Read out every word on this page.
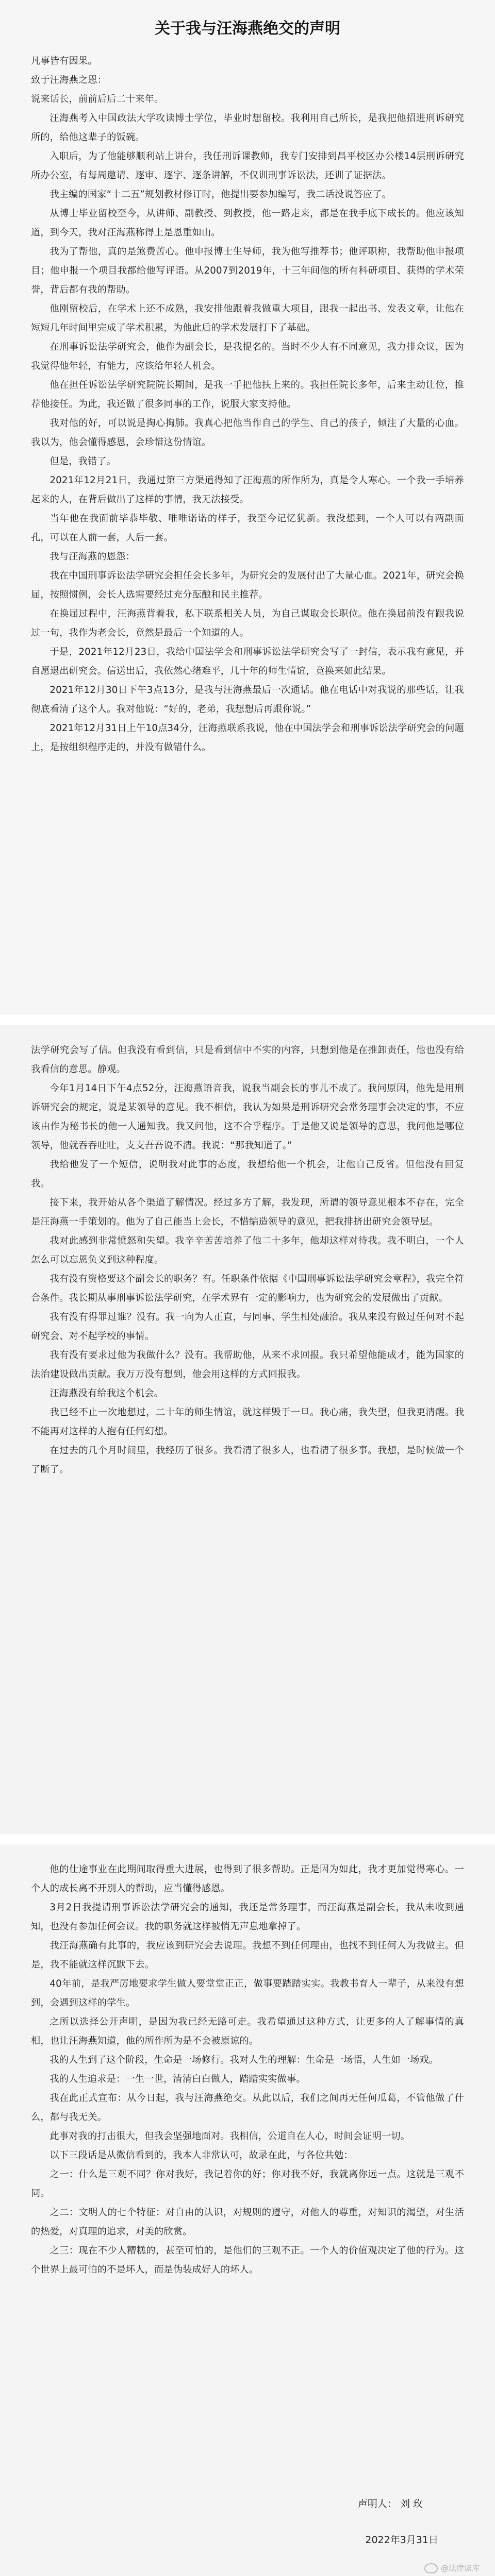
关于我与汪海燕绝交的声明

凡事皆有因果。

致于汪海燕之恩：

说来话长，前前后后二十来年。

汪海燕考入中国政法大学攻读博士学位，毕业时想留校。我利用自己所长，是我把他招进刑诉研究所的，给他这辈子的饭碗。

入职后，为了他能够顺利站上讲台，我任刑诉课教师，我专门安排到昌平校区办公楼14层刑诉研究所办公室，有每周邀请、逐审、逐字、逐条讲解，不仅训刑事诉讼法，还训了证据法。

我主编的国家“十二五”规划教材修订时，他提出要参加编写，我二话没说答应了。

从博士毕业留校至今，从讲师、副教授、到教授，他一路走来，都是在我手底下成长的。他应该知道，到今天，我对汪海燕称得上是恩重如山。

我为了帮他，真的是煞费苦心。他申报博士生导师，我为他写推荐书；他评职称，我帮助他申报项目；他申报一个项目我都给他写评语。从2007到2019年，十三年间他的所有科研项目、获得的学术荣誉，背后都有我的帮助。

他刚留校后，在学术上还不成熟，我安排他跟着我做重大项目，跟我一起出书、发表文章，让他在短短几年时间里完成了学术积累，为他此后的学术发展打下了基础。

在刑事诉讼法学研究会，他作为副会长，是我提名的。当时不少人有不同意见，我力排众议，因为我觉得他年轻，有能力，应该给年轻人机会。

他在担任诉讼法学研究院院长期间，是我一手把他扶上来的。我担任院长多年，后来主动让位，推荐他接任。为此，我还做了很多同事的工作，说服大家支持他。

我对他的好，可以说是掏心掏肺。我真心把他当作自己的学生、自己的孩子，倾注了大量的心血。我以为，他会懂得感恩，会珍惜这份情谊。

但是，我错了。

2021年12月21日，我通过第三方渠道得知了汪海燕的所作所为，真是令人寒心。一个我一手培养起来的人，在背后做出了这样的事情，我无法接受。

当年他在我面前毕恭毕敬、唯唯诺诺的样子，我至今记忆犹新。我没想到，一个人可以有两副面孔，可以在人前一套，人后一套。

我与汪海燕的恩怨：

我在中国刑事诉讼法学研究会担任会长多年，为研究会的发展付出了大量心血。2021年，研究会换届，按照惯例，会长人选需要经过充分酝酿和民主推荐。

在换届过程中，汪海燕背着我，私下联系相关人员，为自己谋取会长职位。他在换届前没有跟我说过一句，我作为老会长，竟然是最后一个知道的人。

于是，2021年12月23日，我给中国法学会和刑事诉讼法学研究会写了一封信，表示我有意见，并自愿退出研究会。信送出后，我依然心绪难平，几十年的师生情谊，竟换来如此结果。

2021年12月30日下午3点13分，是我与汪海燕最后一次通话。他在电话中对我说的那些话，让我彻底看清了这个人。我对他说：“好的，老弟，我想想后再跟你说。”

2021年12月31日上午10点34分，汪海燕联系我说，他在中国法学会和刑事诉讼法学研究会的问题上，是按组织程序走的，并没有做错什么。

法学研究会写了信。但我没有看到信，只是看到信中不实的内容，只想到他是在推卸责任，他也没有给我看信的意思。静观。

今年1月14日下午4点52分，汪海燕语音我，说我当副会长的事儿不成了。我问原因，他先是用刑诉研究会的规定，说是某领导的意见。我不相信，我认为如果是刑诉研究会常务理事会决定的事，不应该由作为秘书长的他一人通知我。我又问他，这不合乎程序。于是他又说是领导的意思，我问他是哪位领导，他就吞吞吐吐，支支吾吾说不清。我说：“那我知道了。”

我给他发了一个短信，说明我对此事的态度，我想给他一个机会，让他自己反省。但他没有回复我。

接下来，我开始从各个渠道了解情况。经过多方了解，我发现，所谓的领导意见根本不存在，完全是汪海燕一手策划的。他为了自己能当上会长，不惜编造领导的意见，把我排挤出研究会领导层。

我对此感到非常愤怒和失望。我辛辛苦苦培养了他二十多年，他却这样对待我。我不明白，一个人怎么可以忘恩负义到这种程度。

我有没有资格要这个副会长的职务？有。任职条件依据《中国刑事诉讼法学研究会章程》，我完全符合条件。我长期从事刑事诉讼法学研究，在学术界有一定的影响力，也为研究会的发展做出了贡献。

我有没有得罪过谁？没有。我一向为人正直，与同事、学生相处融洽。我从来没有做过任何对不起研究会、对不起学校的事情。

我有没有要求过他为我做什么？没有。我帮助他，从来不求回报。我只希望他能成才，能为国家的法治建设做出贡献。我万万没有想到，他会用这样的方式回报我。

汪海燕没有给我这个机会。

我已经不止一次地想过，二十年的师生情谊，就这样毁于一旦。我心痛，我失望，但我更清醒。我不能再对这样的人抱有任何幻想。

在过去的几个月时间里，我经历了很多。我看清了很多人，也看清了很多事。我想，是时候做一个了断了。

他的仕途事业在此期间取得重大进展，也得到了很多帮助。正是因为如此，我才更加觉得寒心。一个人的成长离不开别人的帮助，应当懂得感恩。

3月2日我提请刑事诉讼法学研究会的通知，我还是常务理事，而汪海燕是副会长，我从未收到通知，也没有参加任何会议。我的职务就这样被悄无声息地拿掉了。

我汪海燕确有此事的，我应该到研究会去说理。我想不到任何理由，也找不到任何人为我做主。但是，我不能就这样沉默下去。

40年前，是我严厉地要求学生做人要堂堂正正，做事要踏踏实实。我教书育人一辈子，从来没有想到，会遇到这样的学生。

之所以选择公开声明，是因为我已经无路可走。我希望通过这种方式，让更多的人了解事情的真相，也让汪海燕知道，他的所作所为是不会被原谅的。

我的人生到了这个阶段，生命是一场修行。我对人生的理解：生命是一场悟，人生如一场戏。

我的人生追求是：一生一世，清清白白做人，踏踏实实做事。

我在此正式宣布：从今日起，我与汪海燕绝交。从此以后，我们之间再无任何瓜葛，不管他做了什么，都与我无关。

此事对我的打击很大，但我会坚强地面对。我相信，公道自在人心，时间会证明一切。

以下三段话是从微信看到的，我本人非常认可，故录在此，与各位共勉：

之一：什么是三观不同？你对我好，我记着你的好；你对我不好，我就离你远一点。这就是三观不同。

之二：文明人的七个特征：对自由的认识，对规则的遵守，对他人的尊重，对知识的渴望，对生活的热爱，对真理的追求，对美的欣赏。

之三：现在不少人糟糕的，甚至可怕的，是他们的三观不正。一个人的价值观决定了他的行为。这个世界上最可怕的不是坏人，而是伪装成好人的坏人。

声明人： 刘 玫
2022年3月31日
@法律读库
